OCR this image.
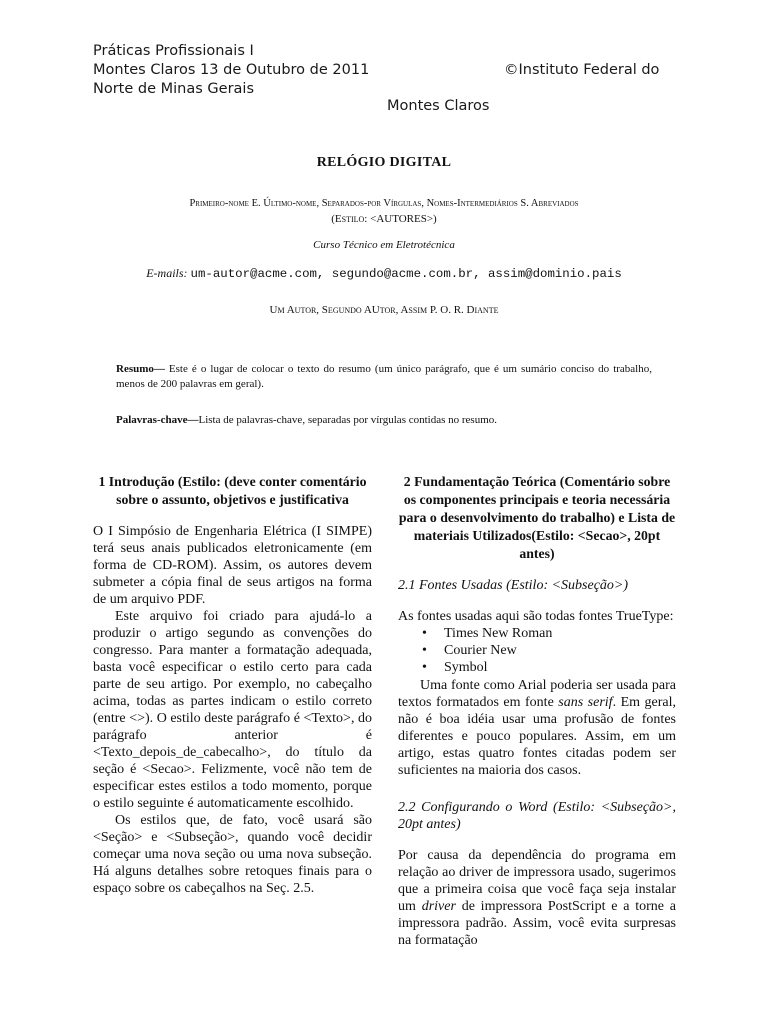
Práticas Profissionais I
Montes Claros 13 de Outubro de 2011	©Instituto Federal do
Norte de Minas Gerais
Montes Claros
RELÓGIO DIGITAL
Primeiro-nome E. Último-nome, Separados-por Vírgulas, Nomes-Intermediários S. Abreviados
(Estilo: <AUTORES>)
Curso Técnico em Eletrotécnica
E-mails: um-autor@acme.com, segundo@acme.com.br, assim@dominio.pais
Um Autor, Segundo AUtor, Assim P. O. R. Diante
Resumo— Este é o lugar de colocar o texto do resumo (um único parágrafo, que é um sumário conciso do trabalho, menos de 200 palavras em geral).
Palavras-chave—Lista de palavras-chave, separadas por vírgulas contidas no resumo.
1 Introdução (Estilo: (deve conter comentário sobre o assunto, objetivos e justificativa

O I Simpósio de Engenharia Elétrica (I SIMPE) terá seus anais publicados eletronicamente (em forma de CD-ROM). Assim, os autores devem submeter a cópia final de seus artigos na forma de um arquivo PDF.

Este arquivo foi criado para ajudá-lo a produzir o artigo segundo as convenções do congresso. Para manter a formatação adequada, basta você especificar o estilo certo para cada parte de seu artigo. Por exemplo, no cabeçalho acima, todas as partes indicam o estilo correto (entre <>). O estilo deste parágrafo é <Texto>, do parágrafo anterior é <Texto_depois_de_cabecalho>, do título da seção é <Secao>. Felizmente, você não tem de especificar estes estilos a todo momento, porque o estilo seguinte é automaticamente escolhido.

Os estilos que, de fato, você usará são <Seção> e <Subseção>, quando você decidir começar uma nova seção ou uma nova subseção. Há alguns detalhes sobre retoques finais para o espaço sobre os cabeçalhos na Seç. 2.5.

2 Fundamentação Teórica (Comentário sobre os componentes principais e teoria necessária para o desenvolvimento do trabalho) e Lista de materiais Utilizados(Estilo: <Secao>, 20pt antes)
2.1 Fontes Usadas (Estilo: <Subseção>)

As fontes usadas aqui são todas fontes TrueType:

• Times New Roman
• Courier New
• Symbol

Uma fonte como Arial poderia ser usada para textos formatados em fonte sans serif. Em geral, não é boa idéia usar uma profusão de fontes diferentes e pouco populares. Assim, em um artigo, estas quatro fontes citadas podem ser suficientes na maioria dos casos.

2.2 Configurando o Word (Estilo: <Subseção>, 20pt antes)

Por causa da dependência do programa em relação ao driver de impressora usado, sugerimos que a primeira coisa que você faça seja instalar um driver de impressora PostScript e a torne a impressora padrão. Assim, você evita surpresas na formatação
